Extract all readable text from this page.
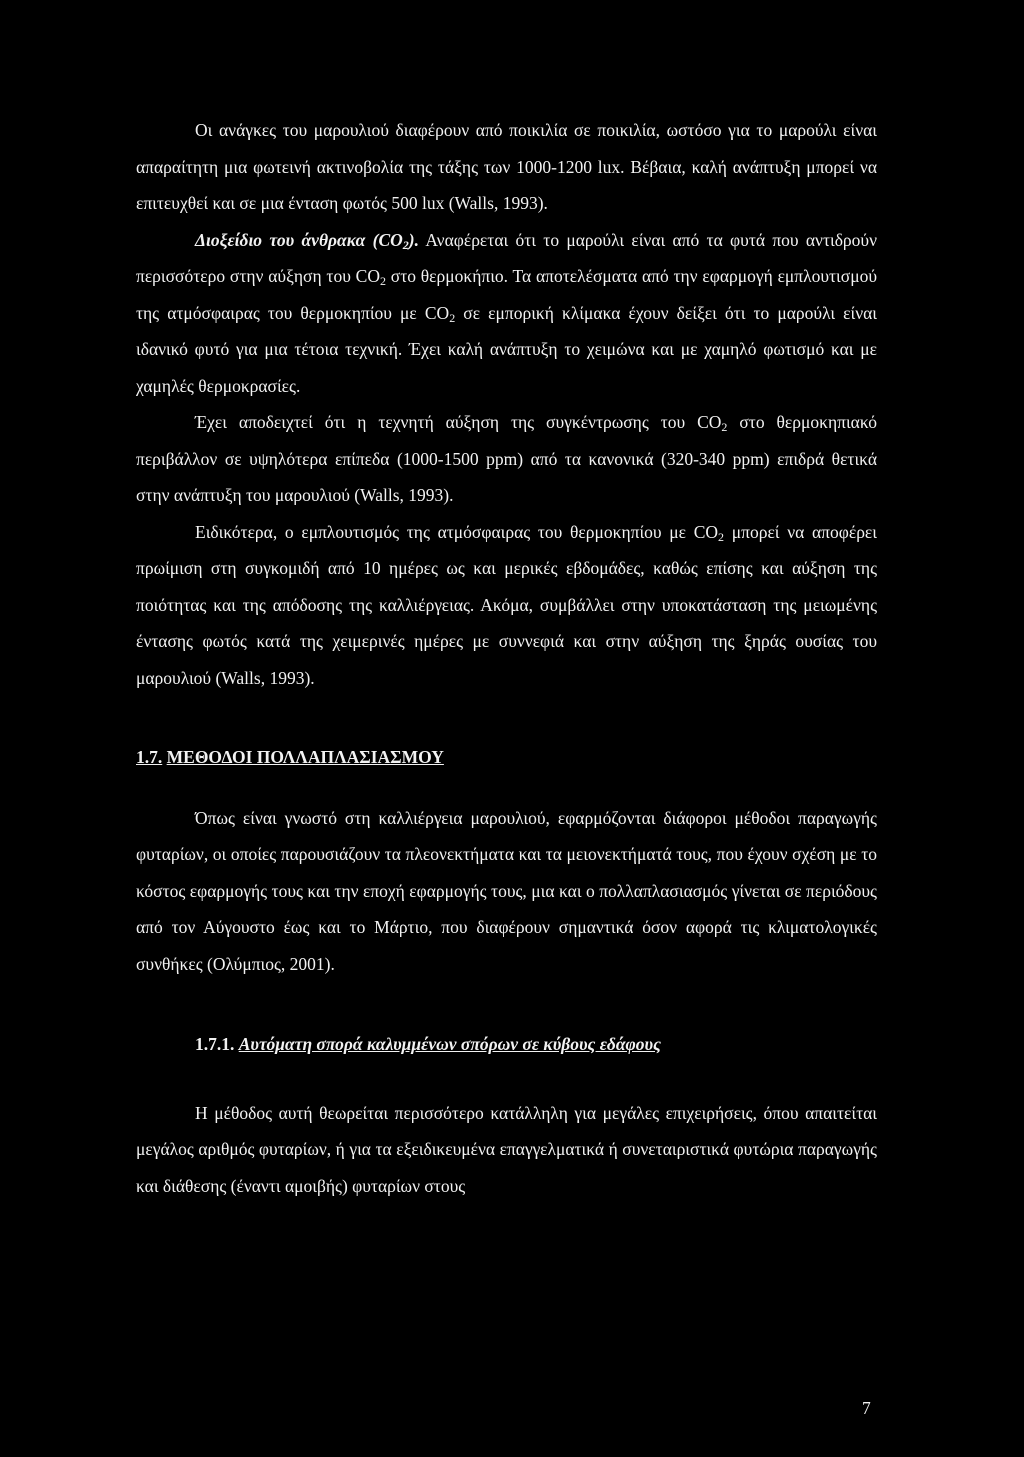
Οι ανάγκες του μαρουλιού διαφέρουν από ποικιλία σε ποικιλία, ωστόσο για το μαρούλι είναι απαραίτητη μια φωτεινή ακτινοβολία της τάξης των 1000-1200 lux. Βέβαια, καλή ανάπτυξη μπορεί να επιτευχθεί και σε μια ένταση φωτός 500 lux (Walls, 1993).

Διοξείδιο του άνθρακα $(CO_2)$. Αναφέρεται ότι το μαρούλι είναι από τα φυτά που αντιδρούν περισσότερο στην αύξηση του $CO_2$ στο θερμοκήπιο. Τα αποτελέσματα από την εφαρμογή εμπλουτισμού της ατμόσφαιρας του θερμοκηπίου με $CO_2$ σε εμπορική κλίμακα έχουν δείξει ότι το μαρούλι είναι ιδανικό φυτό για μια τέτοια τεχνική. Έχει καλή ανάπτυξη το χειμώνα και με χαμηλό φωτισμό και με χαμηλές θερμοκρασίες.

Έχει αποδειχτεί ότι η τεχνητή αύξηση της συγκέντρωσης του $CO_2$ στο θερμοκηπιακό περιβάλλον σε υψηλότερα επίπεδα (1000-1500 ppm) από τα κανονικά (320-340 ppm) επιδρά θετικά στην ανάπτυξη του μαρουλιού (Walls, 1993).

Ειδικότερα, ο εμπλουτισμός της ατμόσφαιρας του θερμοκηπίου με $CO_2$ μπορεί να αποφέρει πρωίμιση στη συγκομιδή από 10 ημέρες ως και μερικές εβδομάδες, καθώς επίσης και αύξηση της ποιότητας και της απόδοσης της καλλιέργειας. Ακόμα, συμβάλλει στην υποκατάσταση της μειωμένης έντασης φωτός κατά της χειμερινές ημέρες με συννεφιά και στην αύξηση της ξηράς ουσίας του μαρουλιού (Walls, 1993).

1.7. ΜΕΘΟΔΟΙ ΠΟΛΛΑΠΛΑΣΙΑΣΜΟΥ

Όπως είναι γνωστό στη καλλιέργεια μαρουλιού, εφαρμόζονται διάφοροι μέθοδοι παραγωγής φυταρίων, οι οποίες παρουσιάζουν τα πλεονεκτήματα και τα μειονεκτήματά τους, που έχουν σχέση με το κόστος εφαρμογής τους και την εποχή εφαρμογής τους, μια και ο πολλαπλασιασμός γίνεται σε περιόδους από τον Αύγουστο έως και το Μάρτιο, που διαφέρουν σημαντικά όσον αφορά τις κλιματολογικές συνθήκες (Ολύμπιος, 2001).

1.7.1. Αυτόματη σπορά καλυμμένων σπόρων σε κύβους εδάφους

Η μέθοδος αυτή θεωρείται περισσότερο κατάλληλη για μεγάλες επιχειρήσεις, όπου απαιτείται μεγάλος αριθμός φυταρίων, ή για τα εξειδικευμένα επαγγελματικά ή συνεταιριστικά φυτώρια παραγωγής και διάθεσης (έναντι αμοιβής) φυταρίων στους

7
